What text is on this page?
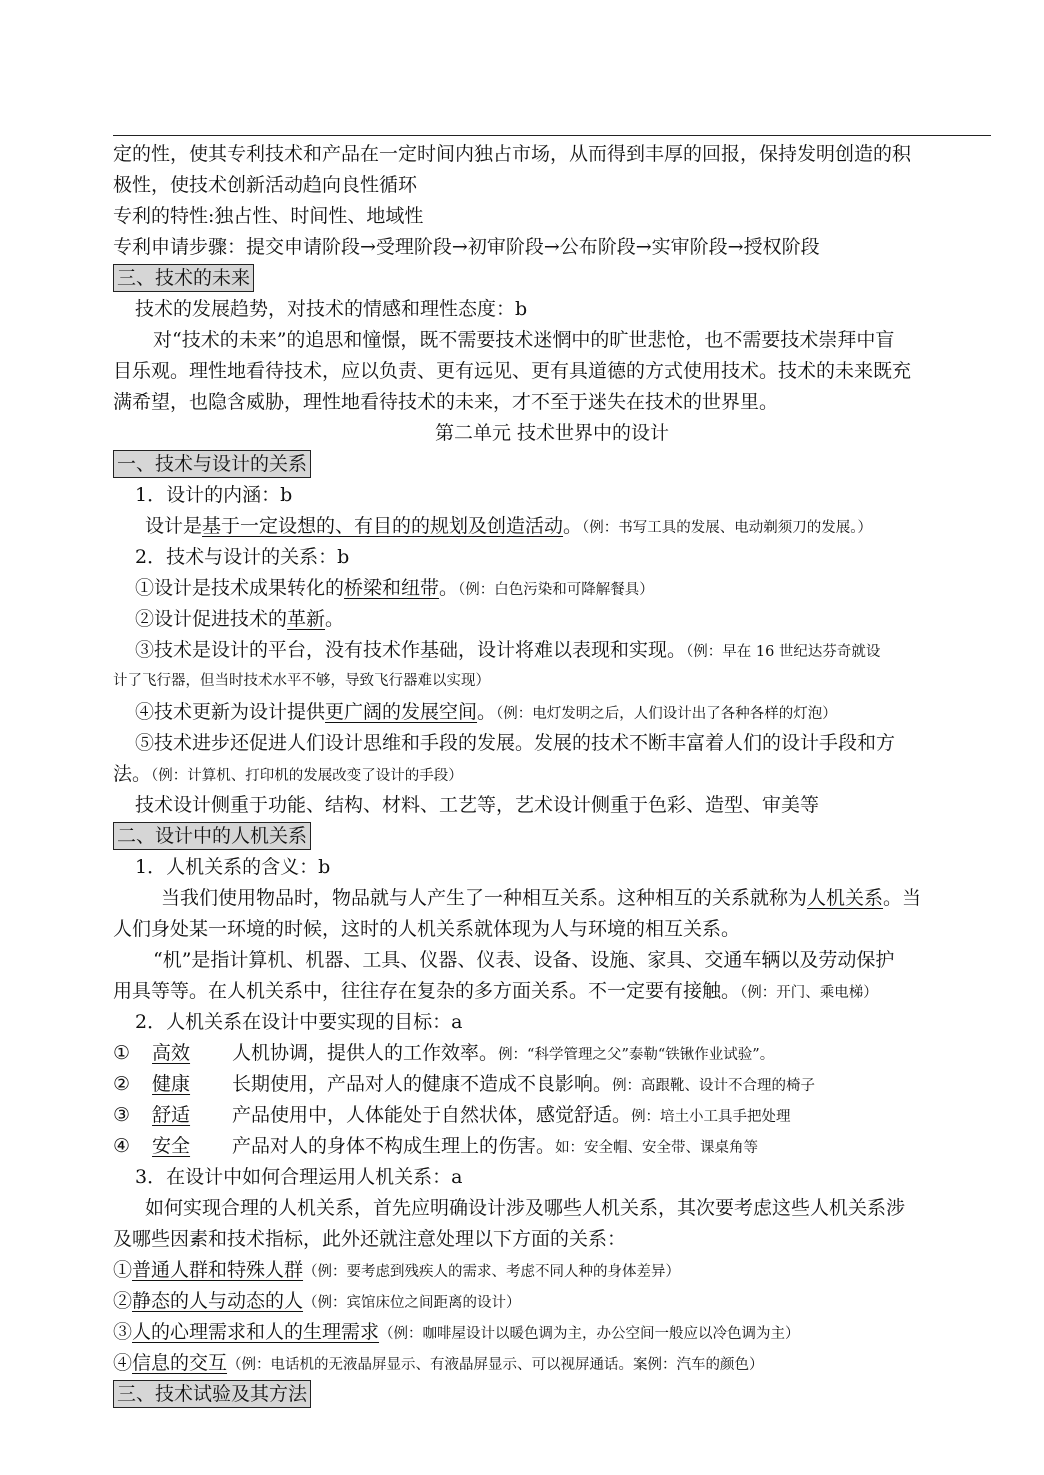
定的性，使其专利技术和产品在一定时间内独占市场，从而得到丰厚的回报，保持发明创造的积
极性，使技术创新活动趋向良性循环
专利的特性:独占性、时间性、地域性
专利申请步骤：提交申请阶段→受理阶段→初审阶段→公布阶段→实审阶段→授权阶段
三、技术的未来
技术的发展趋势，对技术的情感和理性态度：b
对“技术的未来”的追思和憧憬，既不需要技术迷惘中的旷世悲怆，也不需要技术崇拜中盲
目乐观。理性地看待技术，应以负责、更有远见、更有具道德的方式使用技术。技术的未来既充
满希望，也隐含威胁，理性地看待技术的未来，才不至于迷失在技术的世界里。
第二单元 技术世界中的设计
一、技术与设计的关系
1．设计的内涵：b
设计是基于一定设想的、有目的的规划及创造活动。（例：书写工具的发展、电动剃须刀的发展。）
2．技术与设计的关系：b
①设计是技术成果转化的桥梁和纽带。（例：白色污染和可降解餐具）
②设计促进技术的革新。
③技术是设计的平台，没有技术作基础，设计将难以表现和实现。（例：早在 16 世纪达芬奇就设
计了飞行器，但当时技术水平不够，导致飞行器难以实现）
④技术更新为设计提供更广阔的发展空间。（例：电灯发明之后，人们设计出了各种各样的灯泡）
⑤技术进步还促进人们设计思维和手段的发展。发展的技术不断丰富着人们的设计手段和方
法。（例：计算机、打印机的发展改变了设计的手段）
技术设计侧重于功能、结构、材料、工艺等，艺术设计侧重于色彩、造型、审美等
二、设计中的人机关系
1．人机关系的含义：b
当我们使用物品时，物品就与人产生了一种相互关系。这种相互的关系就称为人机关系。当
人们身处某一环境的时候，这时的人机关系就体现为人与环境的相互关系。
“机”是指计算机、机器、工具、仪器、仪表、设备、设施、家具、交通车辆以及劳动保护
用具等等。在人机关系中，往往存在复杂的多方面关系。不一定要有接触。（例：开门、乘电梯）
2．人机关系在设计中要实现的目标：a
① 高效 人机协调，提供人的工作效率。例：“科学管理之父”泰勒“铁锹作业试验”。
② 健康 长期使用，产品对人的健康不造成不良影响。例：高跟靴、设计不合理的椅子
③ 舒适 产品使用中，人体能处于自然状体，感觉舒适。例：培土小工具手把处理
④ 安全 产品对人的身体不构成生理上的伤害。如：安全帽、安全带、课桌角等
3．在设计中如何合理运用人机关系：a
如何实现合理的人机关系，首先应明确设计涉及哪些人机关系，其次要考虑这些人机关系涉
及哪些因素和技术指标，此外还就注意处理以下方面的关系：
①普通人群和特殊人群（例：要考虑到残疾人的需求、考虑不同人种的身体差异）
②静态的人与动态的人（例：宾馆床位之间距离的设计）
③人的心理需求和人的生理需求（例：咖啡屋设计以暖色调为主，办公空间一般应以冷色调为主）
④信息的交互（例：电话机的无液晶屏显示、有液晶屏显示、可以视屏通话。案例：汽车的颜色）
三、技术试验及其方法
